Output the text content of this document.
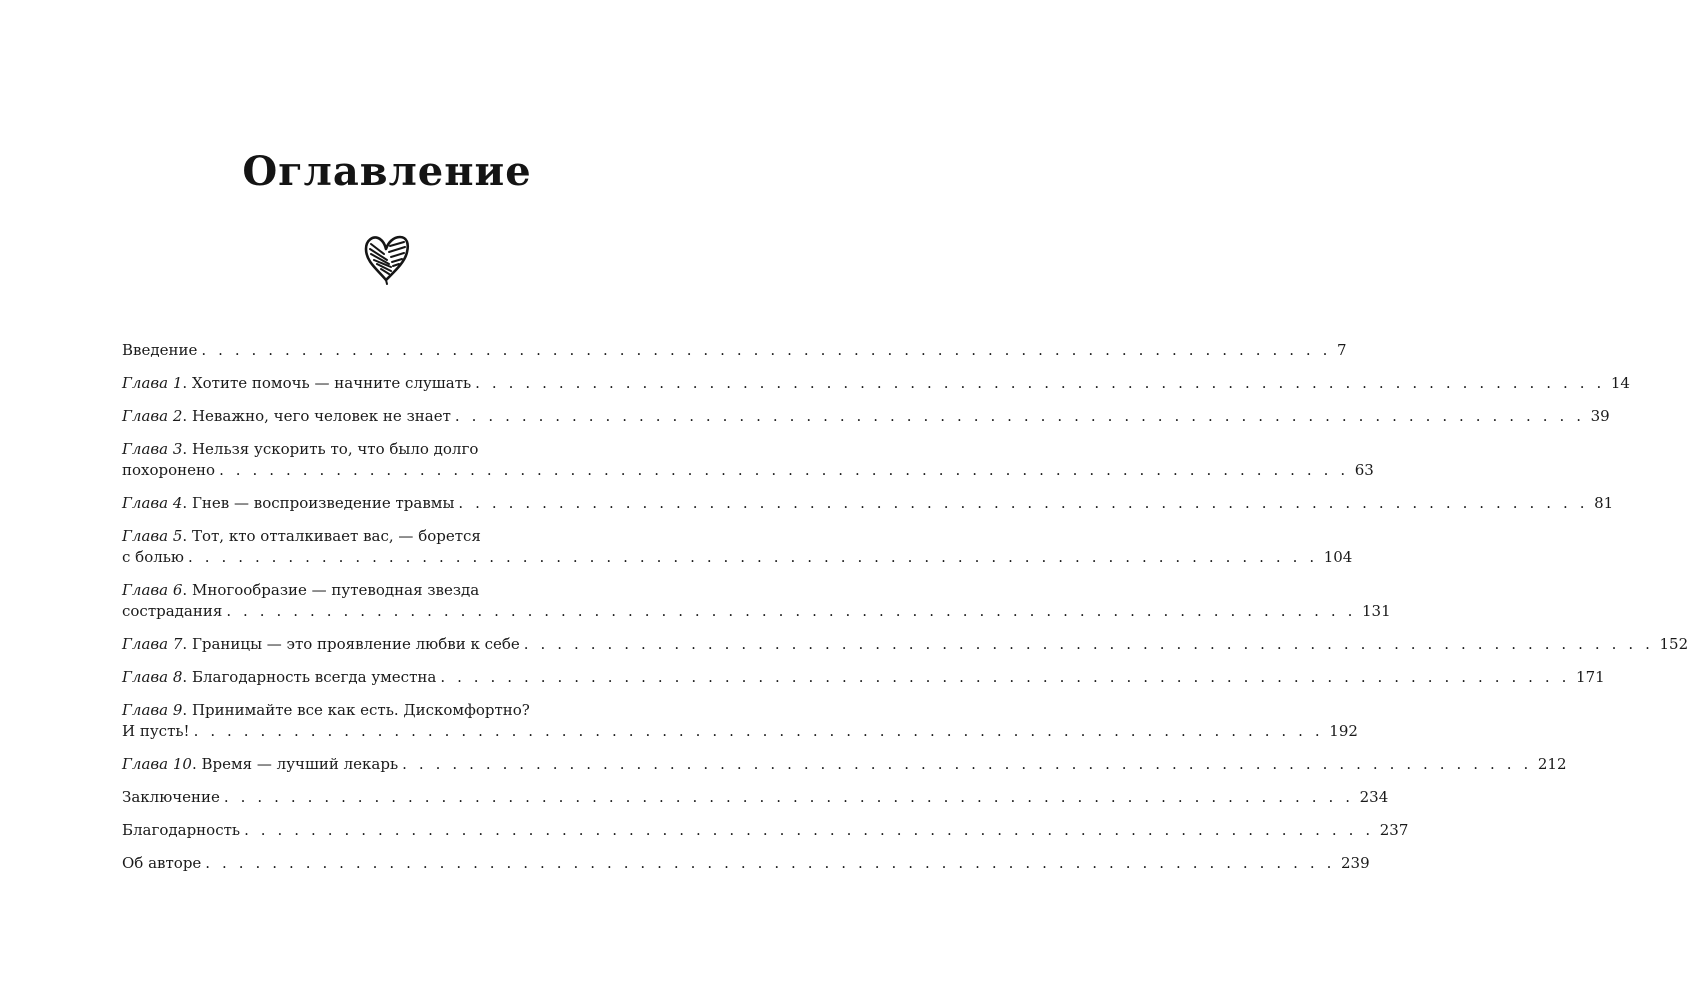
Оглавление
Введение . . . . . . . . . . . . . . . . . . . . . . . . . . . . . . . . . . . . . . . . . . . . . . . . . . . . . . . . . . . . . . . . . . . . 7
Глава 1. Хотите помочь — начните слушать . . . . . . . . . . . . . . . . . . . . . . . . . . . . . . . . . . . . . . . . . . . . . . . . . . . . . . . . . . . . . . . . . . . . 14
Глава 2. Неважно, чего человек не знает . . . . . . . . . . . . . . . . . . . . . . . . . . . . . . . . . . . . . . . . . . . . . . . . . . . . . . . . . . . . . . . . . . . . 39
Глава 3. Нельзя ускорить то, что было долго
похоронено . . . . . . . . . . . . . . . . . . . . . . . . . . . . . . . . . . . . . . . . . . . . . . . . . . . . . . . . . . . . . . . . . . . . 63
Глава 4. Гнев — воспроизведение травмы . . . . . . . . . . . . . . . . . . . . . . . . . . . . . . . . . . . . . . . . . . . . . . . . . . . . . . . . . . . . . . . . . . . . 81
Глава 5. Тот, кто отталкивает вас, — борется
с болью . . . . . . . . . . . . . . . . . . . . . . . . . . . . . . . . . . . . . . . . . . . . . . . . . . . . . . . . . . . . . . . . . . . . 104
Глава 6. Многообразие — путеводная звезда
сострадания . . . . . . . . . . . . . . . . . . . . . . . . . . . . . . . . . . . . . . . . . . . . . . . . . . . . . . . . . . . . . . . . . . . . 131
Глава 7. Границы — это проявление любви к себе . . . . . . . . . . . . . . . . . . . . . . . . . . . . . . . . . . . . . . . . . . . . . . . . . . . . . . . . . . . . . . . . . . . . 152
Глава 8. Благодарность всегда уместна . . . . . . . . . . . . . . . . . . . . . . . . . . . . . . . . . . . . . . . . . . . . . . . . . . . . . . . . . . . . . . . . . . . . 171
Глава 9. Принимайте все как есть. Дискомфортно?
И пусть! . . . . . . . . . . . . . . . . . . . . . . . . . . . . . . . . . . . . . . . . . . . . . . . . . . . . . . . . . . . . . . . . . . . . 192
Глава 10. Время — лучший лекарь . . . . . . . . . . . . . . . . . . . . . . . . . . . . . . . . . . . . . . . . . . . . . . . . . . . . . . . . . . . . . . . . . . . . 212
Заключение . . . . . . . . . . . . . . . . . . . . . . . . . . . . . . . . . . . . . . . . . . . . . . . . . . . . . . . . . . . . . . . . . . . . 234
Благодарность . . . . . . . . . . . . . . . . . . . . . . . . . . . . . . . . . . . . . . . . . . . . . . . . . . . . . . . . . . . . . . . . . . . . 237
Об авторе . . . . . . . . . . . . . . . . . . . . . . . . . . . . . . . . . . . . . . . . . . . . . . . . . . . . . . . . . . . . . . . . . . . . 239
